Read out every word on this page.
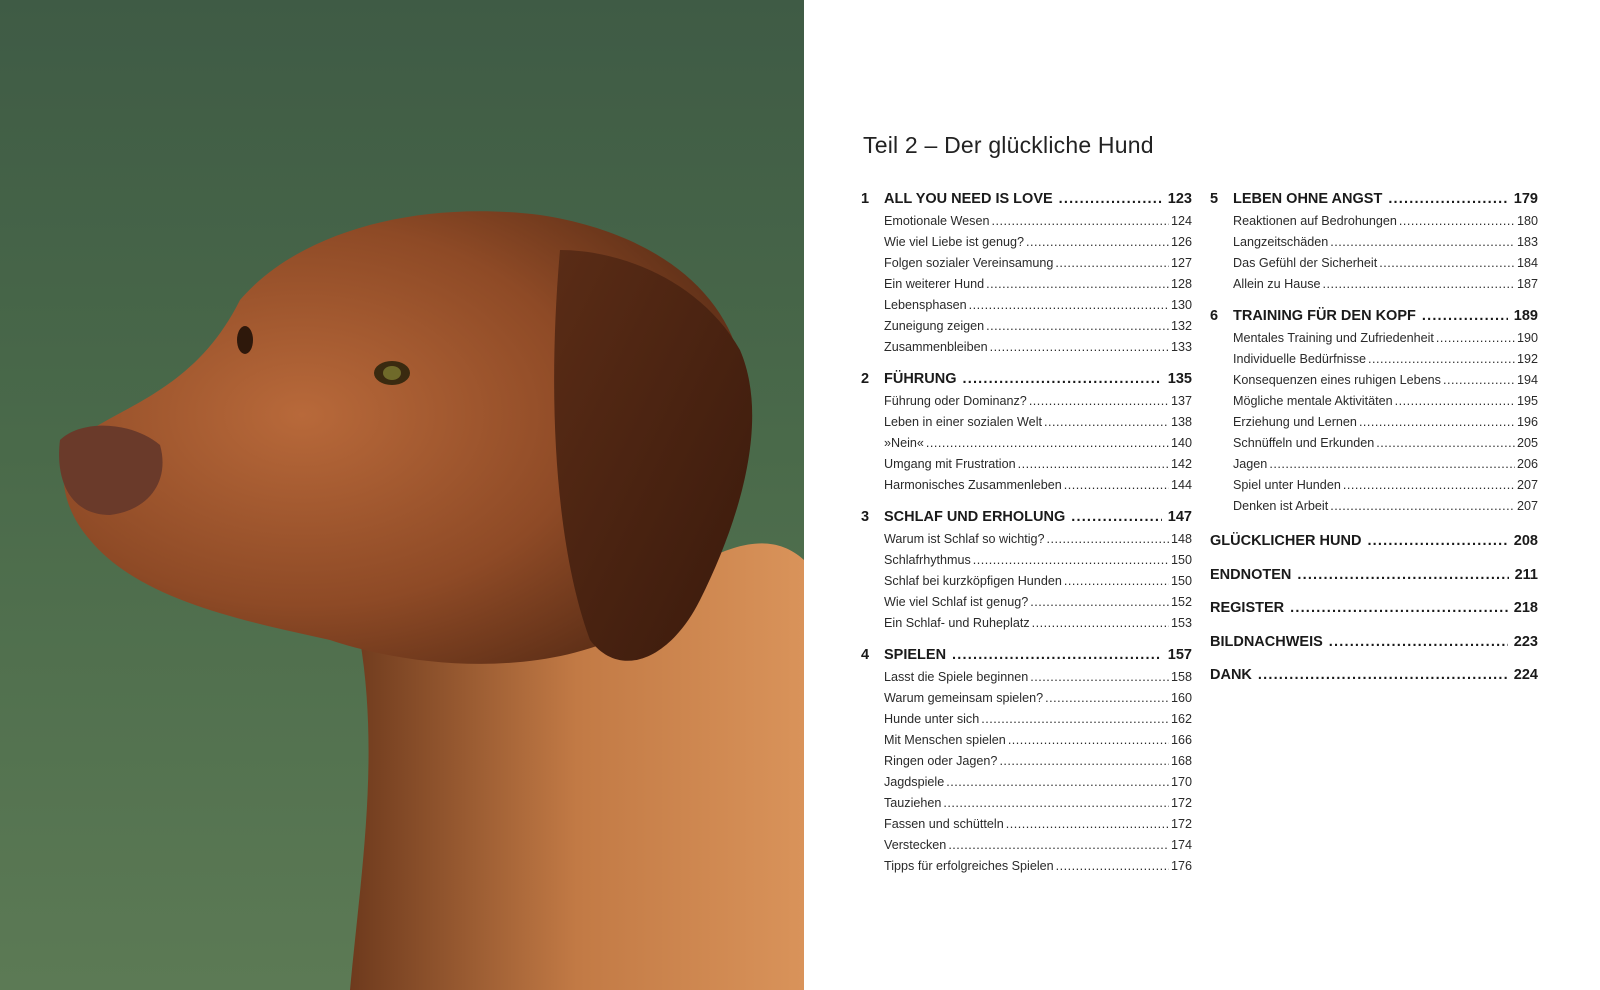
Teil 2 – Der glückliche Hund
1	ALL YOU NEED IS LOVE .....	123
Emotionale Wesen .....	124
Wie viel Liebe ist genug? .....	126
Folgen sozialer Vereinsamung .....	127
Ein weiterer Hund .....	128
Lebensphasen .....	130
Zuneigung zeigen .....	132
Zusammenbleiben .....	133
2	FÜHRUNG .....	135
Führung oder Dominanz? .....	137
Leben in einer sozialen Welt .....	138
»Nein« .....	140
Umgang mit Frustration .....	142
Harmonisches Zusammenleben .....	144
3	SCHLAF UND ERHOLUNG .....	147
Warum ist Schlaf so wichtig? .....	148
Schlafrhythmus .....	150
Schlaf bei kurzköpfigen Hunden .....	150
Wie viel Schlaf ist genug? .....	152
Ein Schlaf- und Ruheplatz .....	153
4	SPIELEN .....	157
Lasst die Spiele beginnen .....	158
Warum gemeinsam spielen? .....	160
Hunde unter sich .....	162
Mit Menschen spielen .....	166
Ringen oder Jagen? .....	168
Jagdspiele .....	170
Tauziehen .....	172
Fassen und schütteln .....	172
Verstecken .....	174
Tipps für erfolgreiches Spielen .....	176
5	LEBEN OHNE ANGST .....	179
Reaktionen auf Bedrohungen .....	180
Langzeitschäden .....	183
Das Gefühl der Sicherheit .....	184
Allein zu Hause .....	187
6	TRAINING FÜR DEN KOPF .....	189
Mentales Training und Zufriedenheit .....	190
Individuelle Bedürfnisse .....	192
Konsequenzen eines ruhigen Lebens .....	194
Mögliche mentale Aktivitäten .....	195
Erziehung und Lernen .....	196
Schnüffeln und Erkunden .....	205
Jagen .....	206
Spiel unter Hunden .....	207
Denken ist Arbeit .....	207
GLÜCKLICHER HUND .....	208
ENDNOTEN .....	211
REGISTER .....	218
BILDNACHWEIS .....	223
DANK .....	224
